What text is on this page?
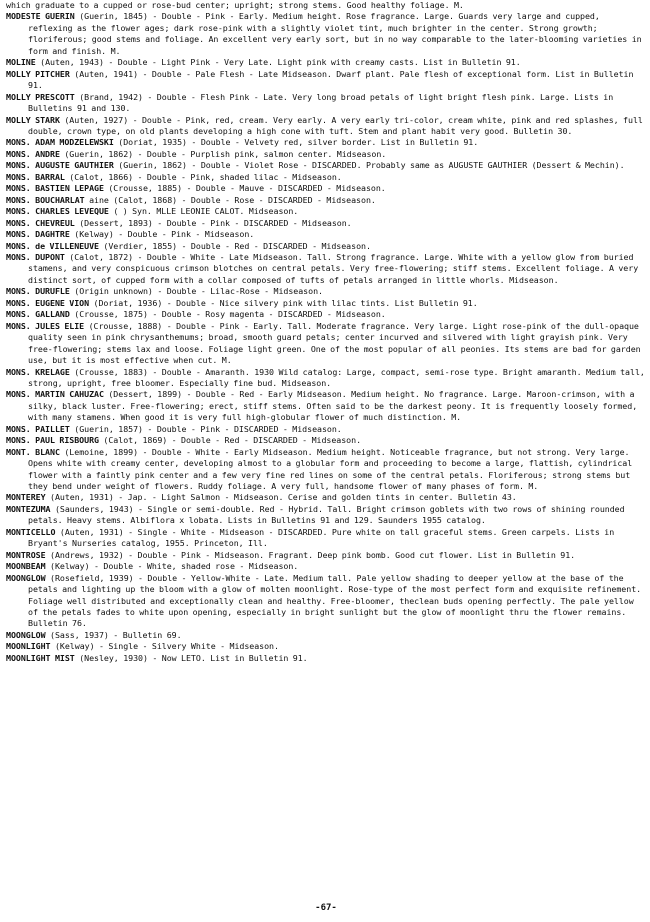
which graduate to a cupped or rose-bud center; upright; strong stems. Good healthy foliage. M.
MODESTE GUERIN (Guerin, 1845) - Double - Pink - Early. Medium height. Rose fragrance. Large. Guards very large and cupped, reflexing as the flower ages; dark rose-pink with a slightly violet tint, much brighter in the center. Strong growth; floriferous; good stems and foliage. An excellent very early sort, but in no way comparable to the later-blooming varieties in form and finish. M.
MOLINE (Auten, 1943) - Double - Light Pink - Very Late. Light pink with creamy casts. List in Bulletin 91.
MOLLY PITCHER (Auten, 1941) - Double - Pale Flesh - Late Midseason. Dwarf plant. Pale flesh of exceptional form. List in Bulletin 91.
MOLLY PRESCOTT (Brand, 1942) - Double - Flesh Pink - Late. Very long broad petals of light bright flesh pink. Large. Lists in Bulletins 91 and 130.
MOLLY STARK (Auten, 1927) - Double - Pink, red, cream. Very early. A very early tri-color, cream white, pink and red splashes, full double, crown type, on old plants developing a high cone with tuft. Stem and plant habit very good. Bulletin 30.
MONS. ADAM MODZELEWSKI (Doriat, 1935) - Double - Velvety red, silver border. List in Bulletin 91.
MONS. ANDRE (Guerin, 1862) - Double - Purplish pink, salmon center. Midseason.
MONS. AUGUSTE GAUTHIER (Guerin, 1862) - Double - Violet Rose - DISCARDED. Probably same as AUGUSTE GAUTHIER (Dessert & Mechin).
MONS. BARRAL (Calot, 1866) - Double - Pink, shaded lilac - Midseason.
MONS. BASTIEN LEPAGE (Crousse, 1885) - Double - Mauve - DISCARDED - Midseason.
MONS. BOUCHARLAT aine (Calot, 1868) - Double - Rose - DISCARDED - Midseason.
MONS. CHARLES LEVEQUE ( ) Syn. MLLE LEONIE CALOT. Midseason.
MONS. CHEVREUL (Dessert, 1893) - Double - Pink - DISCARDED - Midseason.
MONS. DAGHTRE (Kelway) - Double - Pink - Midseason.
MONS. de VILLENEUVE (Verdier, 1855) - Double - Red - DISCARDED - Midseason.
MONS. DUPONT (Calot, 1872) - Double - White - Late Midseason. Tall. Strong fragrance. Large. White with a yellow glow from buried stamens, and very conspicuous crimson blotches on central petals. Very free-flowering; stiff stems. Excellent foliage. A very distinct sort, of cupped form with a collar composed of tufts of petals arranged in little whorls. Midseason.
MONS. DURUFLE (Origin unknown) - Double - Lilac-Rose - Midseason.
MONS. EUGENE VION (Doriat, 1936) - Double - Nice silvery pink with lilac tints. List Bulletin 91.
MONS. GALLAND (Crousse, 1875) - Double - Rosy magenta - DISCARDED - Midseason.
MONS. JULES ELIE (Crousse, 1888) - Double - Pink - Early. Tall. Moderate fragrance. Very large. Light rose-pink of the dull-opaque quality seen in pink chrysanthemums; broad, smooth guard petals; center incurved and silvered with light grayish pink. Very free-flowering; stems lax and loose. Foliage light green. One of the most popular of all peonies. Its stems are bad for garden use, but it is most effective when cut. M.
MONS. KRELAGE (Crousse, 1883) - Double - Amaranth. 1930 Wild catalog: Large, compact, semi-rose type. Bright amaranth. Medium tall, strong, upright, free bloomer. Especially fine bud. Midseason.
MONS. MARTIN CAHUZAC (Dessert, 1899) - Double - Red - Early Midseason. Medium height. No fragrance. Large. Maroon-crimson, with a silky, black luster. Free-flowering; erect, stiff stems. Often said to be the darkest peony. It is frequently loosely formed, with many stamens. When good it is very full high-globular flower of much distinction. M.
MONS. PAILLET (Guerin, 1857) - Double - Pink - DISCARDED - Midseason.
MONS. PAUL RISBOURG (Calot, 1869) - Double - Red - DISCARDED - Midseason.
MONT. BLANC (Lemoine, 1899) - Double - White - Early Midseason. Medium height. Noticeable fragrance, but not strong. Very large. Opens white with creamy center, developing almost to a globular form and proceeding to become a large, flattish, cylindrical flower with a faintly pink center and a few very fine red lines on some of the central petals. Floriferous; strong stems but they bend under weight of flowers. Ruddy foliage. A very full, handsome flower of many phases of form. M.
MONTEREY (Auten, 1931) - Jap. - Light Salmon - Midseason. Cerise and golden tints in center. Bulletin 43.
MONTEZUMA (Saunders, 1943) - Single or semi-double. Red - Hybrid. Tall. Bright crimson goblets with two rows of shining rounded petals. Heavy stems. Albiflora x lobata. Lists in Bulletins 91 and 129. Saunders 1955 catalog.
MONTICELLO (Auten, 1931) - Single - White - Midseason - DISCARDED. Pure white on tall graceful stems. Green carpels. Lists in Bryant's Nurseries catalog, 1955. Princeton, Ill.
MONTROSE (Andrews, 1932) - Double - Pink - Midseason. Fragrant. Deep pink bomb. Good cut flower. List in Bulletin 91.
MOONBEAM (Kelway) - Double - White, shaded rose - Midseason.
MOONGLOW (Rosefield, 1939) - Double - Yellow-White - Late. Medium tall. Pale yellow shading to deeper yellow at the base of the petals and lighting up the bloom with a glow of molten moonlight. Rose-type of the most perfect form and exquisite refinement. Foliage well distributed and exceptionally clean and healthy. Free-bloomer, theclean buds opening perfectly. The pale yellow of the petals fades to white upon opening, especially in bright sunlight but the glow of moonlight thru the flower remains. Bulletin 76.
MOONGLOW (Sass, 1937) - Bulletin 69.
MOONLIGHT (Kelway) - Single - Silvery White - Midseason.
MOONLIGHT MIST (Nesley, 1930) - Now LETO. List in Bulletin 91.
-67-
